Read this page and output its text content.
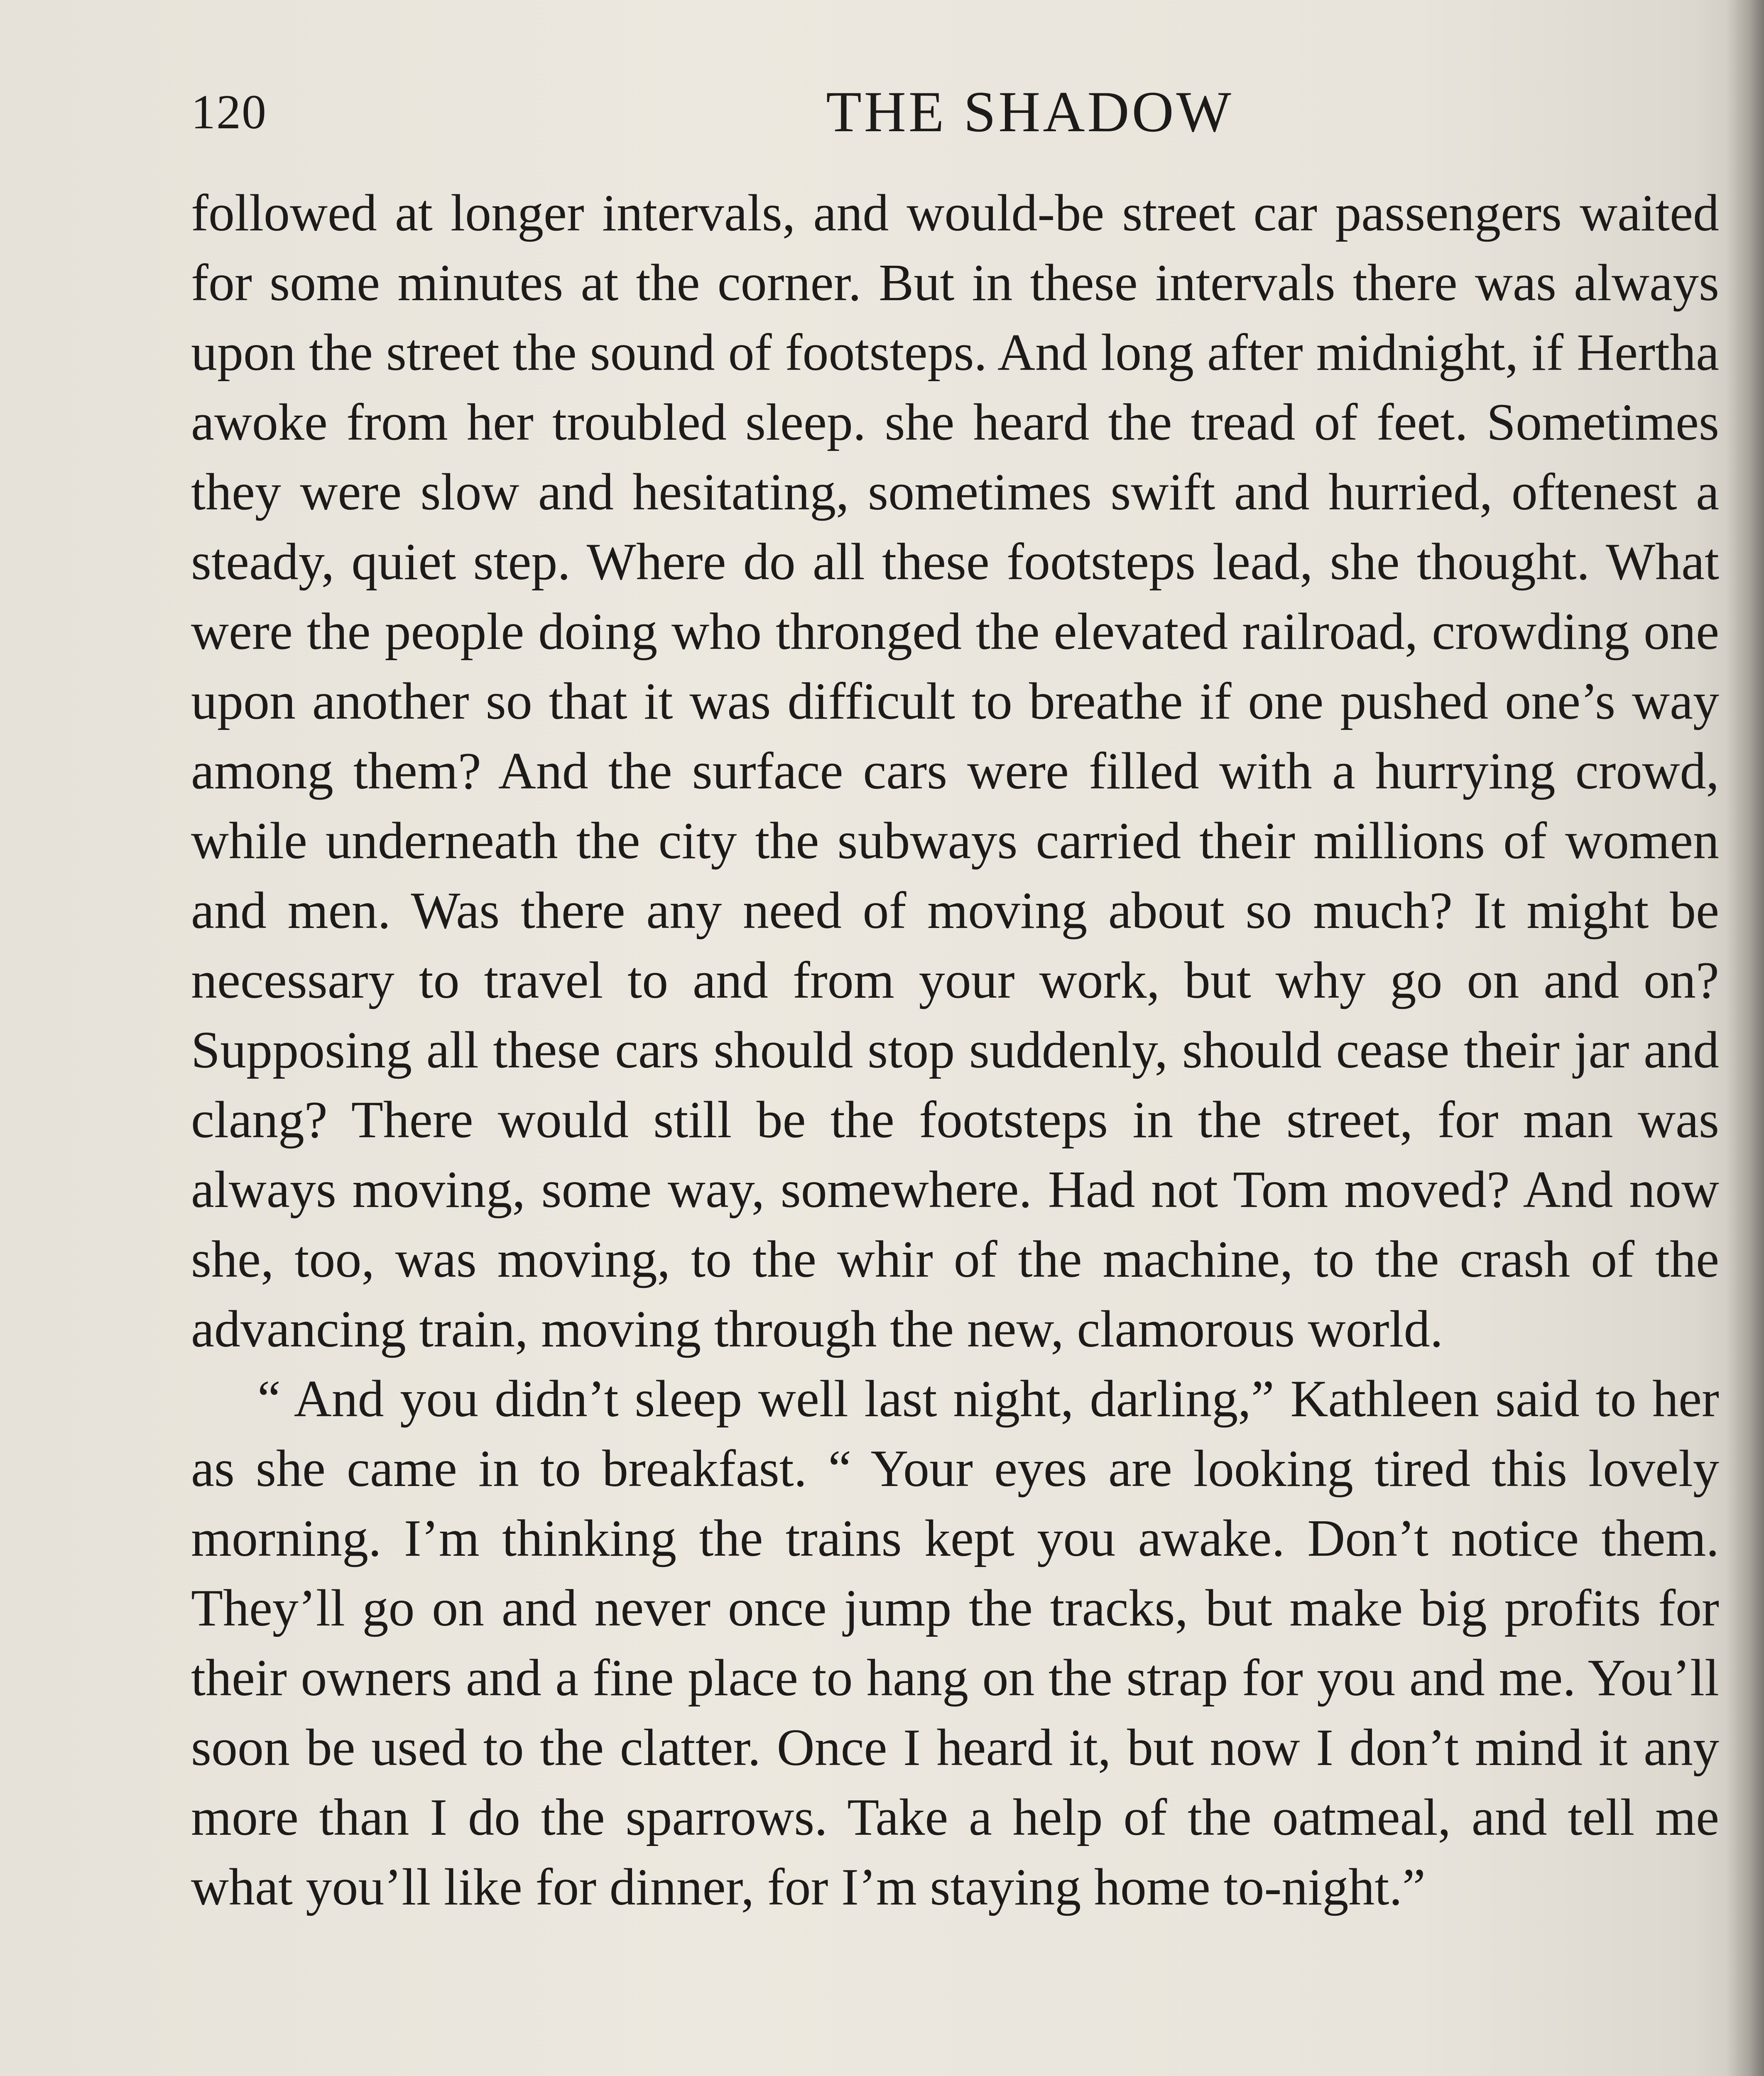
120	THE SHADOW

followed at longer intervals, and would-be street car passengers waited for some minutes at the corner. But in these intervals there was always upon the street the sound of footsteps. And long after midnight, if Hertha awoke from her troubled sleep. she heard the tread of feet. Sometimes they were slow and hesitating, sometimes swift and hurried, oftenest a steady, quiet step. Where do all these footsteps lead, she thought. What were the people doing who thronged the elevated railroad, crowding one upon another so that it was difficult to breathe if one pushed one’s way among them? And the surface cars were filled with a hurrying crowd, while underneath the city the subways carried their millions of women and men. Was there any need of moving about so much? It might be necessary to travel to and from your work, but why go on and on? Supposing all these cars should stop suddenly, should cease their jar and clang? There would still be the footsteps in the street, for man was always moving, some way, somewhere. Had not Tom moved? And now she, too, was moving, to the whir of the machine, to the crash of the advancing train, moving through the new, clamorous world.

“ And you didn’t sleep well last night, darling,” Kathleen said to her as she came in to breakfast. “ Your eyes are looking tired this lovely morning. I’m thinking the trains kept you awake. Don’t notice them. They’ll go on and never once jump the tracks, but make big profits for their owners and a fine place to hang on the strap for you and me. You’ll soon be used to the clatter. Once I heard it, but now I don’t mind it any more than I do the sparrows. Take a help of the oatmeal, and tell me what you’ll like for dinner, for I’m staying home to-night.”
